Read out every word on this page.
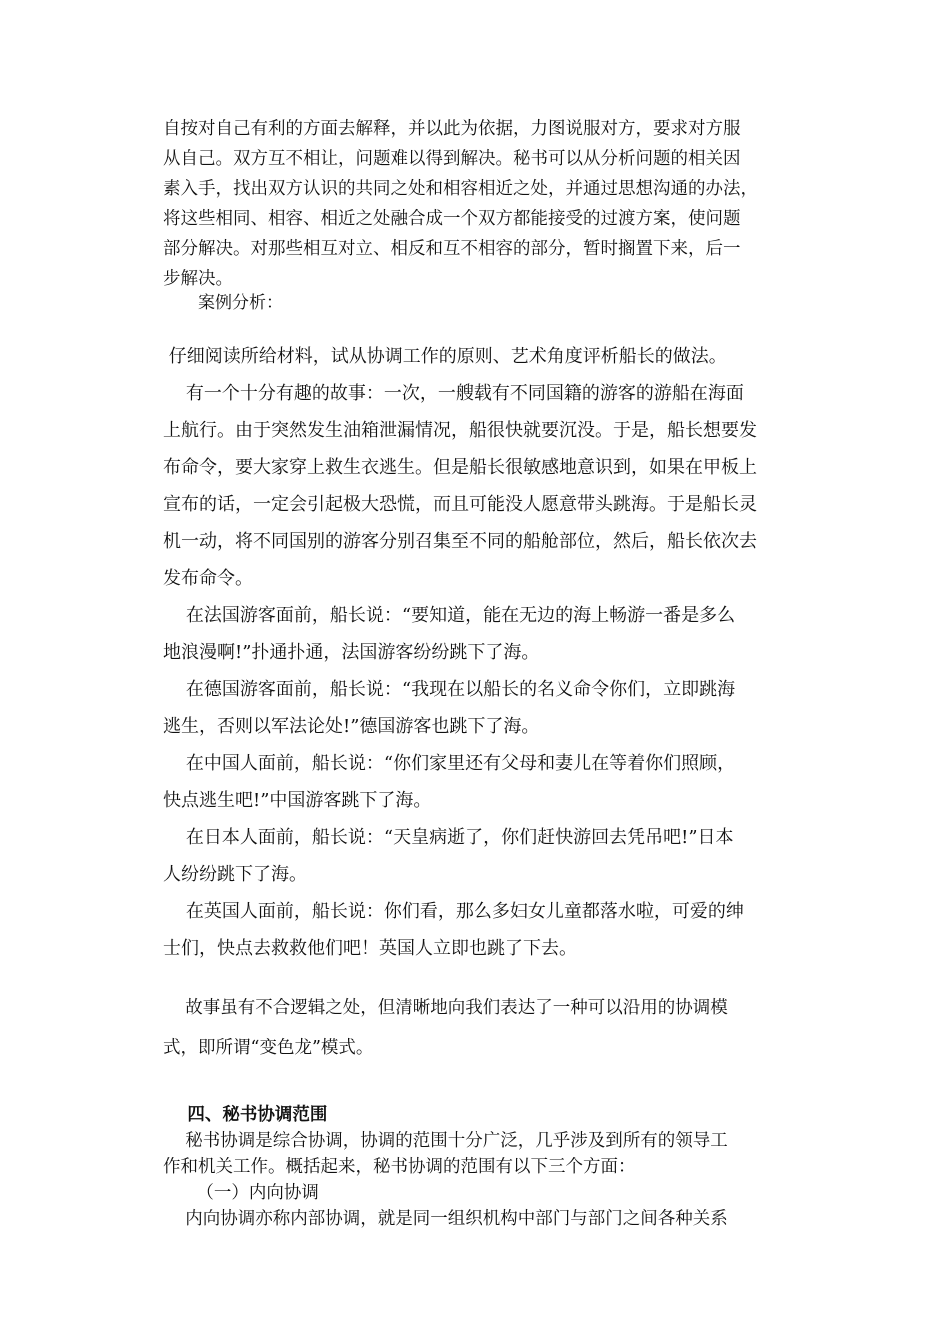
自按对自己有利的方面去解释，并以此为依据，力图说服对方，要求对方服
从自己。双方互不相让，问题难以得到解决。秘书可以从分析问题的相关因
素入手，找出双方认识的共同之处和相容相近之处，并通过思想沟通的办法，
将这些相同、相容、相近之处融合成一个双方都能接受的过渡方案，使问题
部分解决。对那些相互对立、相反和互不相容的部分，暂时搁置下来，后一
步解决。

案例分析：

仔细阅读所给材料，试从协调工作的原则、艺术角度评析船长的做法。
有一个十分有趣的故事：一次，一艘载有不同国籍的游客的游船在海面
上航行。由于突然发生油箱泄漏情况，船很快就要沉没。于是，船长想要发
布命令，要大家穿上救生衣逃生。但是船长很敏感地意识到，如果在甲板上
宣布的话，一定会引起极大恐慌，而且可能没人愿意带头跳海。于是船长灵
机一动，将不同国别的游客分别召集至不同的船舱部位，然后，船长依次去
发布命令。
在法国游客面前，船长说：“要知道，能在无边的海上畅游一番是多么
地浪漫啊!”扑通扑通，法国游客纷纷跳下了海。
在德国游客面前，船长说：“我现在以船长的名义命令你们，立即跳海
逃生，否则以军法论处!”德国游客也跳下了海。
在中国人面前，船长说：“你们家里还有父母和妻儿在等着你们照顾，
快点逃生吧!”中国游客跳下了海。
在日本人面前，船长说：“天皇病逝了，你们赶快游回去凭吊吧!”日本
人纷纷跳下了海。
在英国人面前，船长说：你们看，那么多妇女儿童都落水啦，可爱的绅
士们，快点去救救他们吧！英国人立即也跳了下去。
故事虽有不合逻辑之处，但清晰地向我们表达了一种可以沿用的协调模
式，即所谓“变色龙”模式。
四、秘书协调范围
秘书协调是综合协调，协调的范围十分广泛，几乎涉及到所有的领导工
作和机关工作。概括起来，秘书协调的范围有以下三个方面：
（一）内向协调
内向协调亦称内部协调，就是同一组织机构中部门与部门之间各种关系
